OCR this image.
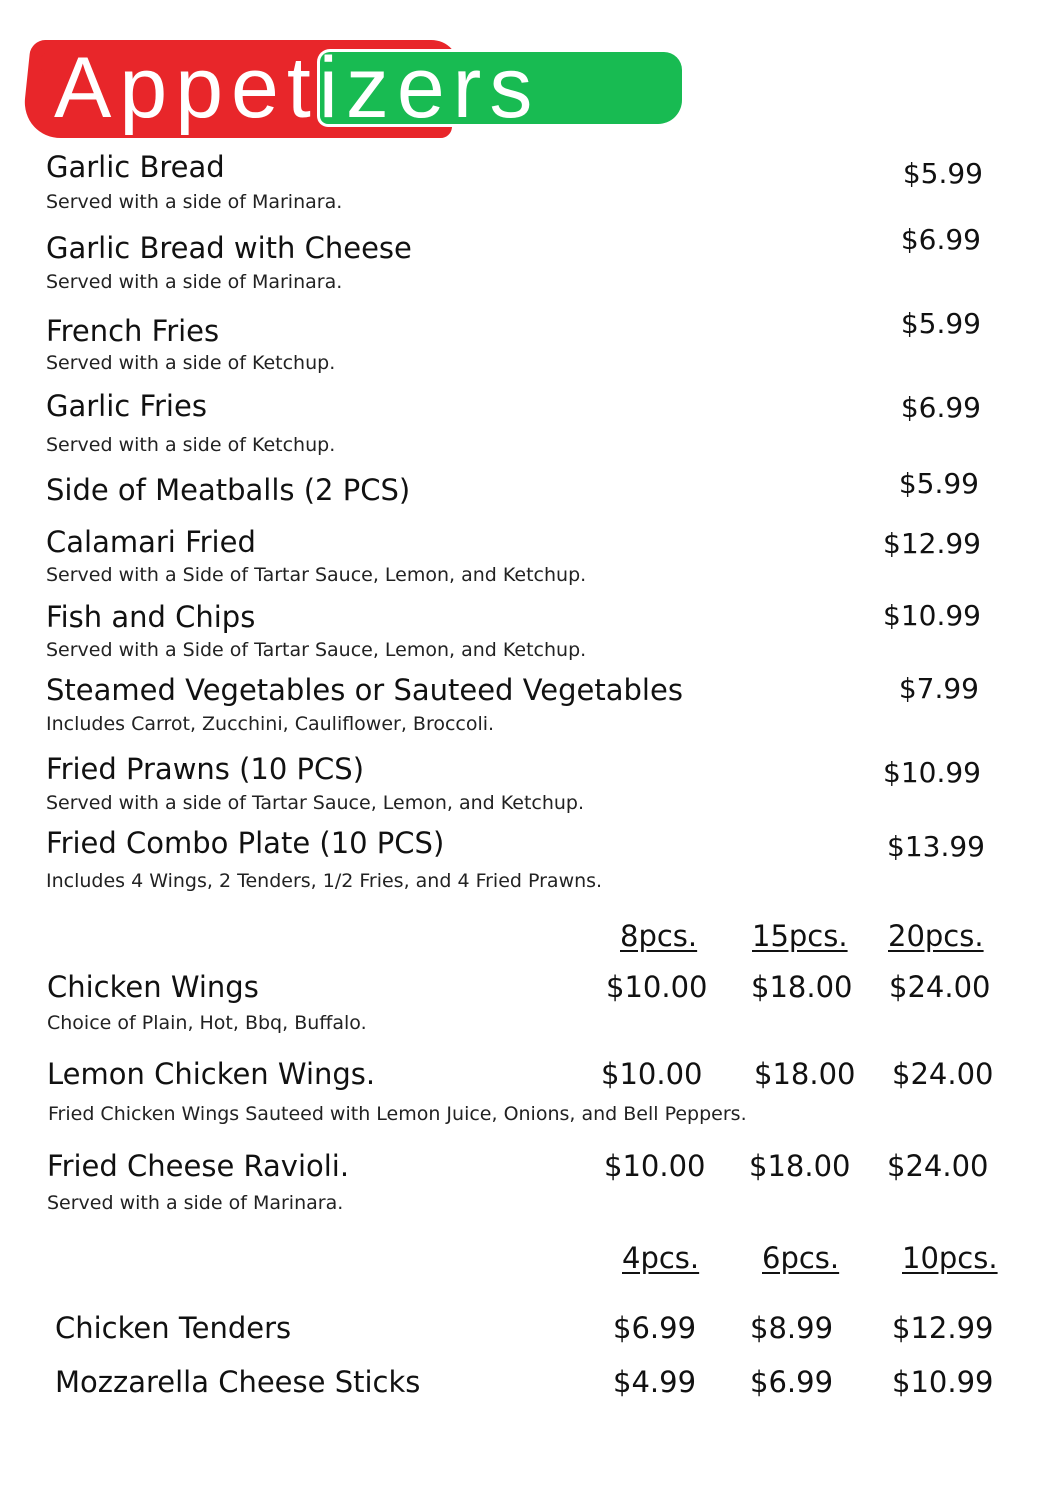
Appetizers
Garlic Bread
Served with a side of Marinara.
$5.99
Garlic Bread with Cheese
Served with a side of Marinara.
$6.99
French Fries
Served with a side of Ketchup.
$5.99
Garlic Fries
Served with a side of Ketchup.
$6.99
Side of Meatballs (2 PCS)	$5.99
Calamari Fried
Served with a Side of Tartar Sauce, Lemon, and Ketchup.
$12.99
Fish and Chips
Served with a Side of Tartar Sauce, Lemon, and Ketchup.
$10.99
Steamed Vegetables or Sauteed Vegetables
Includes Carrot, Zucchini, Cauliflower, Broccoli.
$7.99
Fried Prawns (10 PCS)
Served with a side of Tartar Sauce, Lemon, and Ketchup.
$10.99
Fried Combo Plate (10 PCS)
Includes 4 Wings, 2 Tenders, 1/2 Fries, and 4 Fried Prawns.
$13.99
8pcs. 15pcs. 20pcs.
Chicken Wings
Choice of Plain, Hot, Bbq, Buffalo.
$10.00 $18.00 $24.00
Lemon Chicken Wings.
Fried Chicken Wings Sauteed with Lemon Juice, Onions, and Bell Peppers.
$10.00 $18.00 $24.00
Fried Cheese Ravioli.
Served with a side of Marinara.
$10.00 $18.00 $24.00
4pcs. 6pcs. 10pcs.
Chicken Tenders	$6.99 $8.99 $12.99
Mozzarella Cheese Sticks	$4.99 $6.99 $10.99
